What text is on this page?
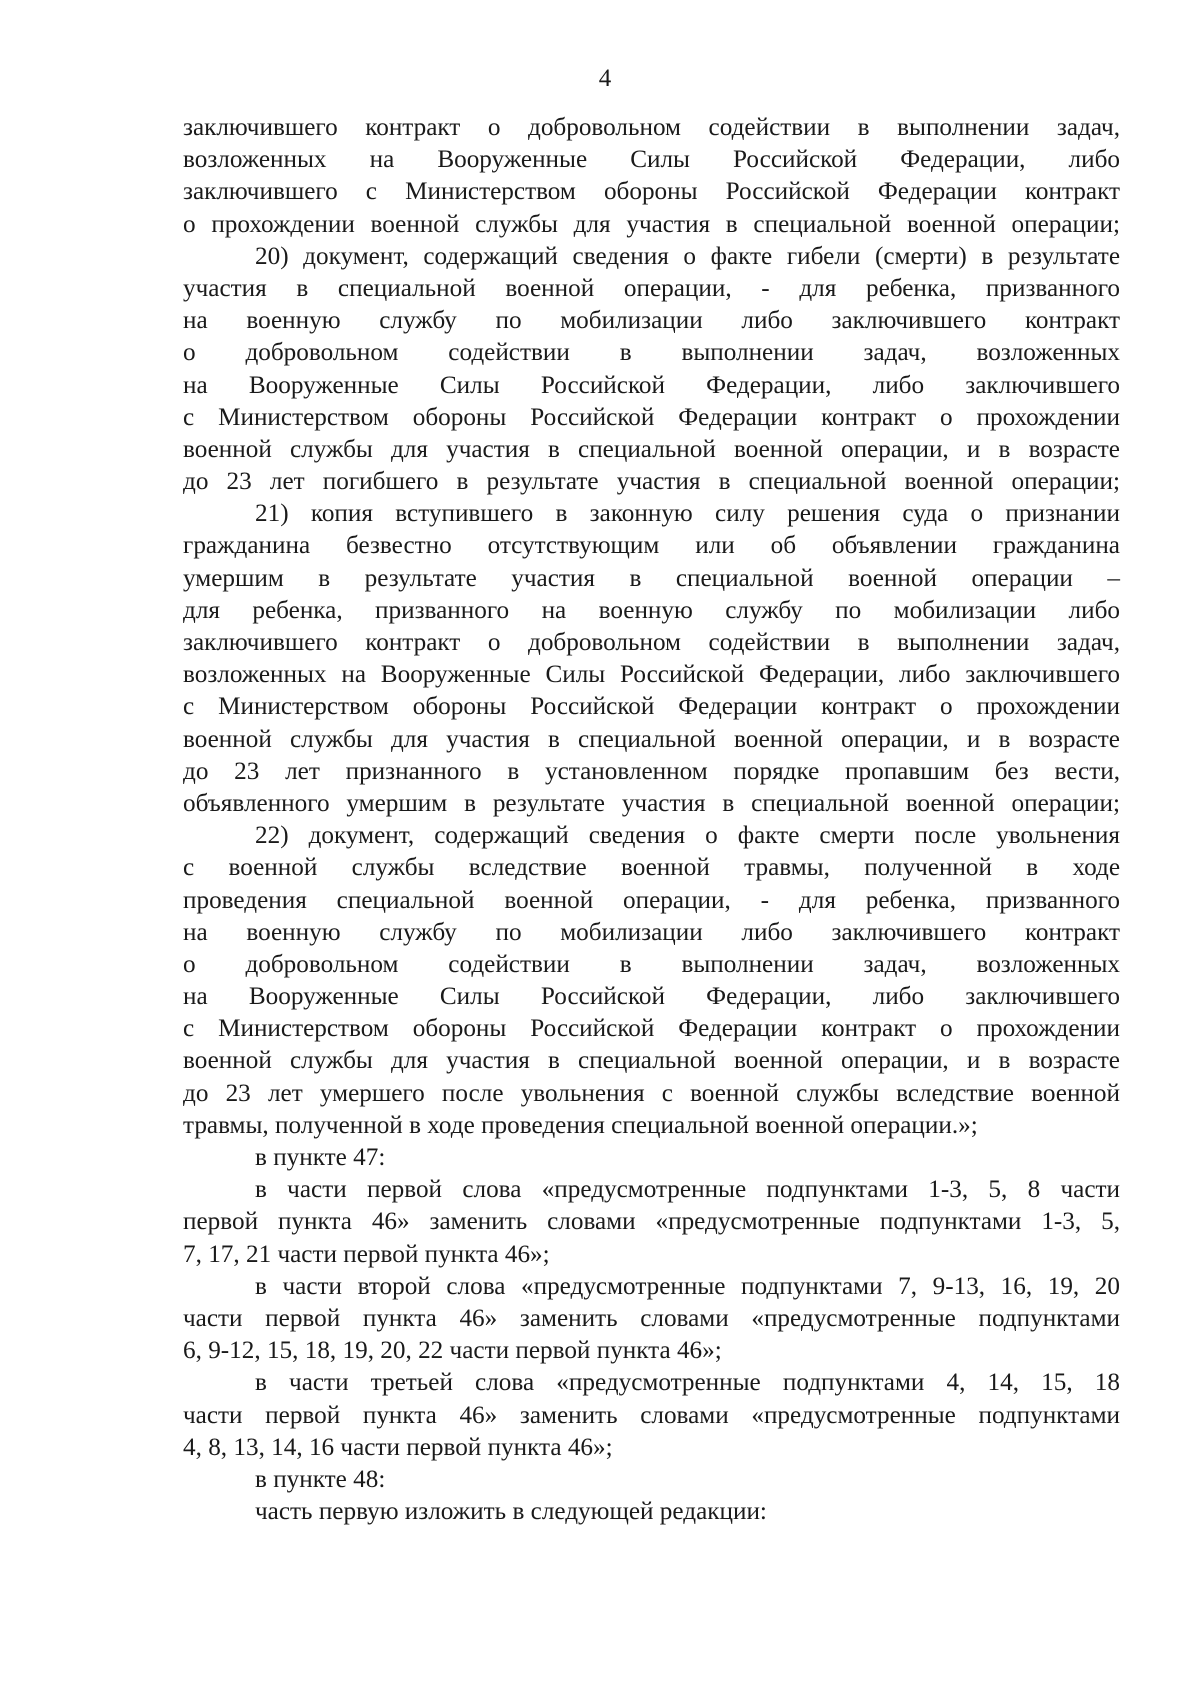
4
заключившего контракт о добровольном содействии в выполнении задач,
возложенных на Вооруженные Силы Российской Федерации, либо
заключившего с Министерством обороны Российской Федерации контракт
о прохождении военной службы для участия в специальной военной операции;
20) документ, содержащий сведения о факте гибели (смерти) в результате
участия в специальной военной операции, - для ребенка, призванного
на военную службу по мобилизации либо заключившего контракт
о добровольном содействии в выполнении задач, возложенных
на Вооруженные Силы Российской Федерации, либо заключившего
с Министерством обороны Российской Федерации контракт о прохождении
военной службы для участия в специальной военной операции, и в возрасте
до 23 лет погибшего в результате участия в специальной военной операции;
21) копия вступившего в законную силу решения суда о признании
гражданина безвестно отсутствующим или об объявлении гражданина
умершим в результате участия в специальной военной операции –
для ребенка, призванного на военную службу по мобилизации либо
заключившего контракт о добровольном содействии в выполнении задач,
возложенных на Вооруженные Силы Российской Федерации, либо заключившего
с Министерством обороны Российской Федерации контракт о прохождении
военной службы для участия в специальной военной операции, и в возрасте
до 23 лет признанного в установленном порядке пропавшим без вести,
объявленного умершим в результате участия в специальной военной операции;
22) документ, содержащий сведения о факте смерти после увольнения
с военной службы вследствие военной травмы, полученной в ходе
проведения специальной военной операции, - для ребенка, призванного
на военную службу по мобилизации либо заключившего контракт
о добровольном содействии в выполнении задач, возложенных
на Вооруженные Силы Российской Федерации, либо заключившего
с Министерством обороны Российской Федерации контракт о прохождении
военной службы для участия в специальной военной операции, и в возрасте
до 23 лет умершего после увольнения с военной службы вследствие военной
травмы, полученной в ходе проведения специальной военной операции.»;
в пункте 47:
в части первой слова «предусмотренные подпунктами 1-3, 5, 8 части
первой пункта 46» заменить словами «предусмотренные подпунктами 1-3, 5,
7, 17, 21 части первой пункта 46»;
в части второй слова «предусмотренные подпунктами 7, 9-13, 16, 19, 20
части первой пункта 46» заменить словами «предусмотренные подпунктами
6, 9-12, 15, 18, 19, 20, 22 части первой пункта 46»;
в части третьей слова «предусмотренные подпунктами 4, 14, 15, 18
части первой пункта 46» заменить словами «предусмотренные подпунктами
4, 8, 13, 14, 16 части первой пункта 46»;
в пункте 48:
часть первую изложить в следующей редакции:
